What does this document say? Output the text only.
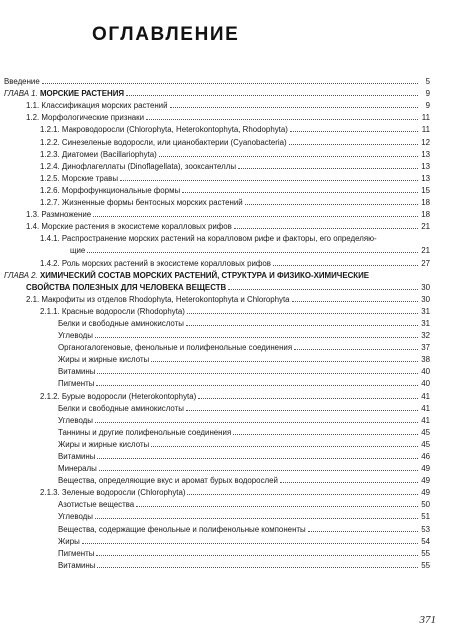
ОГЛАВЛЕНИЕ
Введение	5
ГЛАВА 1. МОРСКИЕ РАСТЕНИЯ	9
1.1. Классификация морских растений	9
1.2. Морфологические признаки	11
1.2.1. Макроводоросли (Chlorophyta, Heterokontophyta, Rhodophyta)	11
1.2.2. Синезеленые водоросли, или цианобактерии (Cyanobacteria)	12
1.2.3. Диатомеи (Bacillariophyta)	13
1.2.4. Динофлагеллаты (Dinoflagellata), зооксантеллы	13
1.2.5. Морские травы	13
1.2.6. Морфофункциональные формы	15
1.2.7. Жизненные формы бентосных морских растений	18
1.3. Размножение	18
1.4. Морские растения в экосистеме коралловых рифов	21
1.4.1. Распространение морских растений на коралловом рифе и факторы, его определяю-
щие	21
1.4.2. Роль морских растений в экосистеме коралловых рифов	27
ГЛАВА 2.
ХИМИЧЕСКИЙ СОСТАВ МОРСКИХ РАСТЕНИЙ, СТРУКТУРА И ФИЗИКО-ХИМИЧЕСКИЕ
СВОЙСТВА ПОЛЕЗНЫХ ДЛЯ ЧЕЛОВЕКА ВЕЩЕСТВ	30
2.1. Макрофиты из отделов Rhodophyta, Heterokontophyta и Chlorophyta	30
2.1.1. Красные водоросли (Rhodophyta)	31
Белки и свободные аминокислоты	31
Углеводы	32
Органогалогеновые, фенольные и полифенольные соединения	37
Жиры и жирные кислоты	38
Витамины	40
Пигменты	40
2.1.2. Бурые водоросли (Heterokontophyta)	41
Белки и свободные аминокислоты	41
Углеводы	41
Таннины и другие полифенольные соединения	45
Жиры и жирные кислоты	45
Витамины	46
Минералы	49
Вещества, определяющие вкус и аромат бурых водорослей	49
2.1.3. Зеленые водоросли (Chlorophyta)	49
Азотистые вещества	50
Углеводы	51
Вещества, содержащие фенольные и полифенольные компоненты	53
Жиры	54
Пигменты	55
Витамины	55
371
